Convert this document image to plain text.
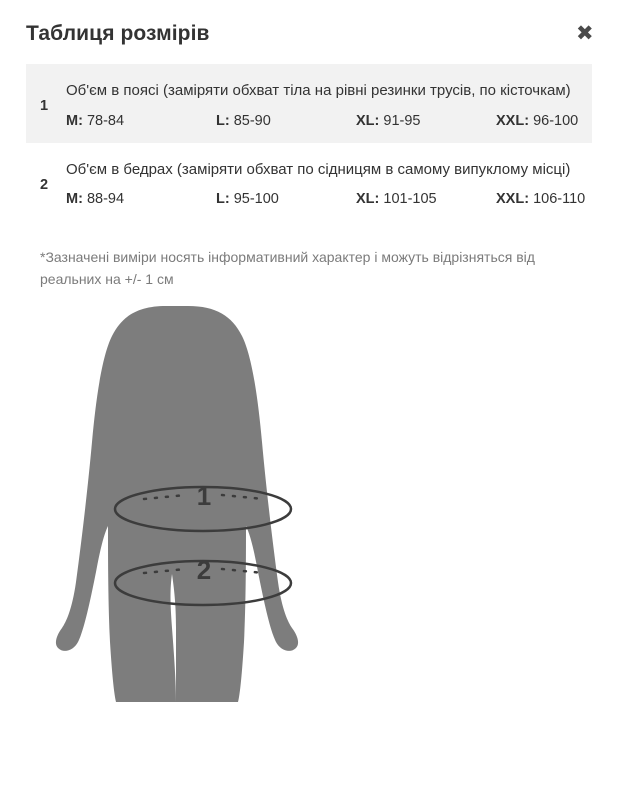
Таблиця розмірів	✖
1
Об'єм в поясі (заміряти обхват тіла на рівні резинки трусів, по кісточкам)
M: 78-84	L: 85-90	XL: 91-95	XXL: 96-100
2
Об'єм в бедрах (заміряти обхват по сідницям в самому випуклому місці)
M: 88-94	L: 95-100	XL: 101-105	XXL: 106-110
*Зазначені виміри носять інформативний характер і можуть відрізняться від реальних на +/- 1 см
1
2
